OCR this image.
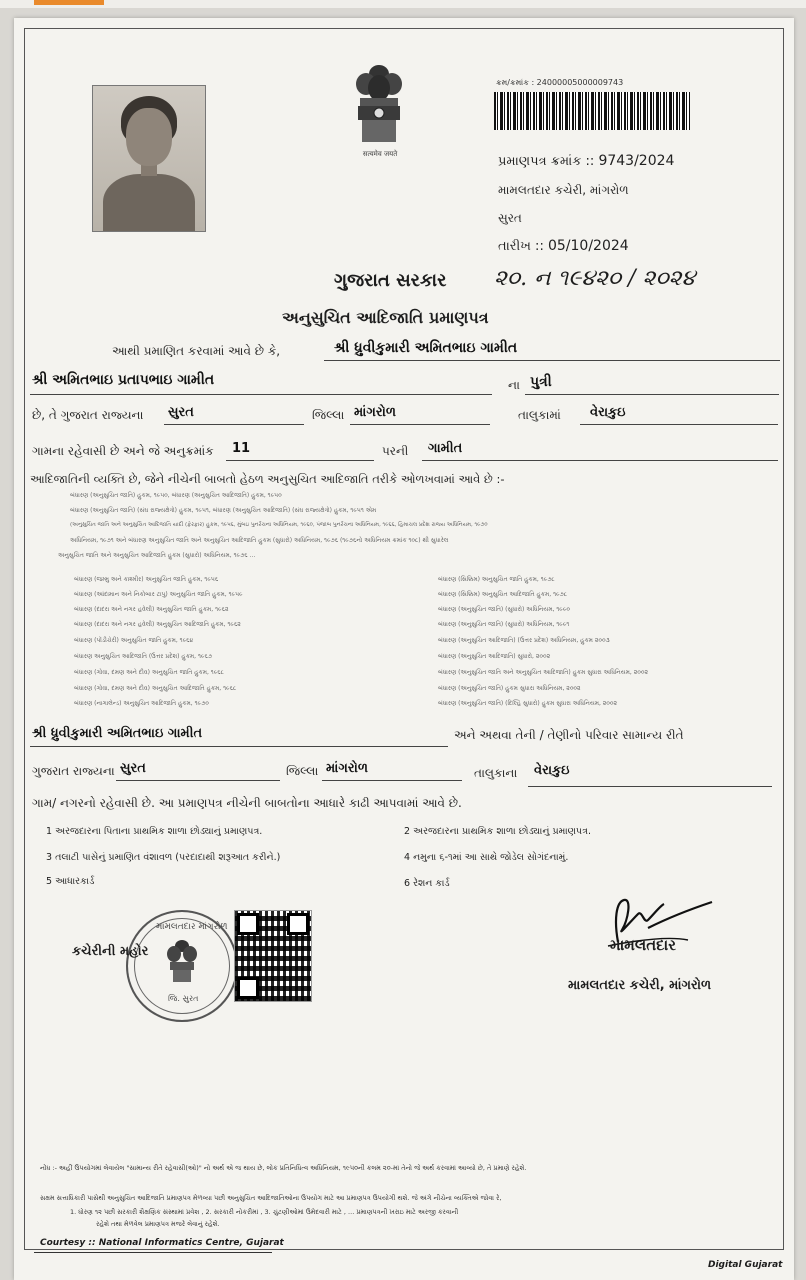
सत्यमेव जयते
ક્રમ/ક્રમાંક : 24000005000009743
પ્રમાણપત્ર ક્રમાંક :: 9743/2024
મામલતદાર કચેરી, માંગરોળ
સુરત
તારીખ :: 05/10/2024
ગુજરાત સરકાર ૨૦. ન ૧૯૪૨૦ / ૨૦૨૪
અનુસુચિત આદિજાતિ પ્રમાણપત્ર
આથી પ્રમાણિત કરવામાં આવે છે કે,	શ્રી ધ્રુવીકુમારી અમિતભાઇ ગામીત
શ્રી અમિતભાઇ પ્રતાપભાઇ ગામીત	ના પુત્રી
છે, તે ગુજરાત રાજ્યના સુરત	જિલ્લા માંગરોળ	તાલુકામાં વેરાકુઇ
ગામના રહેવાસી છે અને જે અનુક્રમાંક 11	પરની ગામીત
આદિજાતિની વ્યક્તિ છે, જેને નીચેની બાબતો હેઠળ અનુસુચિત આદિજાતિ તરીકે ઓળખવામાં આવે છે :-
બંધારણ (અનુસુચિત જાતિ) હુકમ, ૧૯૫૦, બંધારણ (અનુસુચિત આદિજાતિ) હુકમ, ૧૯૫૦
બંધારણ (અનુસુચિત જાતિ) (સંઘ રાજ્યક્ષેત્રો) હુકમ, ૧૯૫૧, બંધારણ (અનુસુચિત આદિજાતિ) (સંઘ રાજ્યક્ષેત્રો) હુકમ, ૧૯૫૧ એમ
(અનુસુચિત જાતિ અને અનુસુચિત આદિજાતિ યાદી (ફેરફાર) હુકમ, ૧૯૫૬, મુંબઇ પુનર્રચના અધિનિયમ, ૧૯૬૦, પંજાબ પુનર્રચના અધિનિયમ, ૧૯૬૬, હિમાચલ પ્રદેશ રાજ્ય અધિનિયમ, ૧૯૭૦
અધિનિયમ, ૧૯૭૧ અને બંધારણ અનુસુચિત જાતિ અને અનુસુચિત આદિજાતિ હુકમ (સુધારો) અધિનિયમ, ૧૯૭૬ (૧૯૭૬નો અધિનિયમ ક્રમાંક ૧૦૮) થી સુધારેલ
અનુસુચિત જાતિ અને અનુસુચિત આદિજાતિ હુકમ (સુધારો) અધિનિયમ, ૧૯૭૬ ...
બંધારણ (જમ્મુ અને કાશ્મીર) અનુસુચિત જાતિ હુકમ, ૧૯૫૬
બંધારણ (આંદામાન અને નિકોબાર ટાપુ) અનુસુચિત જાતિ હુકમ, ૧૯૫૯
બંધારણ (દાદરા અને નગર હવેલી) અનુસુચિત જાતિ હુકમ, ૧૯૬૨
બંધારણ (દાદરા અને નગર હવેલી) અનુસુચિત આદિજાતિ હુકમ, ૧૯૬૨
બંધારણ (પોંડીચેરી) અનુસુચિત જાતિ હુકમ, ૧૯૬૪
બંધારણ અનુસુચિત આદિજાતિ (ઉત્તર પ્રદેશ) હુકમ, ૧૯૬૭
બંધારણ (ગોવા, દમણ અને દીવ) અનુસુચિત જાતિ હુકમ, ૧૯૬૮
બંધારણ (ગોવા, દમણ અને દીવ) અનુસુચિત આદિજાતિ હુકમ, ૧૯૬૮
બંધારણ (નાગાલેન્ડ) અનુસુચિત આદિજાતિ હુકમ, ૧૯૭૦
બંધારણ (સિક્કિમ) અનુસુચિત જાતિ હુકમ, ૧૯૭૮
બંધારણ (સિક્કિમ) અનુસુચિત આદિજાતિ હુકમ, ૧૯૭૮
બંધારણ (અનુસુચિત જાતિ) (સુધારો) અધિનિયમ, ૧૯૯૦
બંધારણ (અનુસુચિત જાતિ) (સુધારો) અધિનિયમ, ૧૯૯૧
બંધારણ (અનુસુચિત આદિજાતિ) (ઉત્તર પ્રદેશ) અધિનિયમ, હુકમ ૨૦૦૩
બંધારણ (અનુસુચિત આદિજાતિ) સુધારો, ૨૦૦૨
બંધારણ (અનુસુચિત જાતિ અને અનુસુચિત આદિજાતિ) હુકમ સુધારા અધિનિયમ, ૨૦૦૨
બંધારણ (અનુસુચિત જાતિ) હુકમ સુધારા અધિનિયમ, ૨૦૦૨
બંધારણ (અનુસુચિત જાતિ) (દિલ્હિ સુધારો) હુકમ સુધારા અધિનિયમ, ૨૦૦૨
શ્રી ધ્રુવીકુમારી અમિતભાઇ ગામીત	અને અથવા તેની / તેણીનો પરિવાર સામાન્ય રીતે
ગુજરાત રાજ્યના સુરત	જિલ્લા માંગરોળ	તાલુકાના વેરાકુઇ
ગામ/ નગરનો રહેવાસી છે. આ પ્રમાણપત્ર નીચેની બાબતોના આધારે કાઢી આપવામાં આવે છે.
1 અરજદારના પિતાના પ્રાથમિક શાળા છોડ્યાનું પ્રમાણપત્ર.	2 અરજદારના પ્રાથમિક શાળા છોડ્યાનું પ્રમાણપત્ર.
3 તલાટી પાસેનું પ્રમાણિત વંશાવળ (પરદાદાથી શરૂઆત કરીને.)	4 નમુના ૬-૧માં આ સાથે જોડેલ સોગંદનામું.
5 આધારકાર્ડ	6 રેશન કાર્ડ
મામલતદાર માંગરોળ
જિ. સુરત
કચેરીની મહોર	મામલતદાર
મામલતદાર કચેરી, માંગરોળ
નોંધ :- અહીં ઉપયોગમાં લેવાયેલ "સામાન્ય રીતે રહેવાસી(ઓ)" નો અર્થ એ જ થાય છે, લોક પ્રતિનિધિત્વ અધિનિયમ, ૧૯૫૦ની કલમ ૨૦-માં તેનો જે અર્થ કરવામાં આવ્યો છે, તે પ્રમાણે રહેશે.
સક્ષમ સત્તાધિકારી પાસેથી અનુસુચિત આદિજાતિ પ્રમાણપત્ર મેળવ્યા પછી અનુસુચિત આદિજાતિઓના ઉપયોગ માટે આ પ્રમાણપત્ર ઉપયોગી થશે. જે અંગે નીચેના વ્યક્તિએ જોવા રે,
1. ધોરણ ૧૨ પછી સરકારી શૈક્ષણિક સંસ્થામાં પ્રવેશ , 2. સરકારી નોકરીમાં , 3. ચુંટણીઓમાં ઉમેદવારી માટે , ... પ્રમાણપત્રની ખરાઇ માટે અરજી કરવાની
રહેશે તથા મેળવેલ પ્રમાણપત્ર મજરે લેવાનું રહેશે.
Courtesy :: National Informatics Centre, Gujarat
Digital Gujarat
